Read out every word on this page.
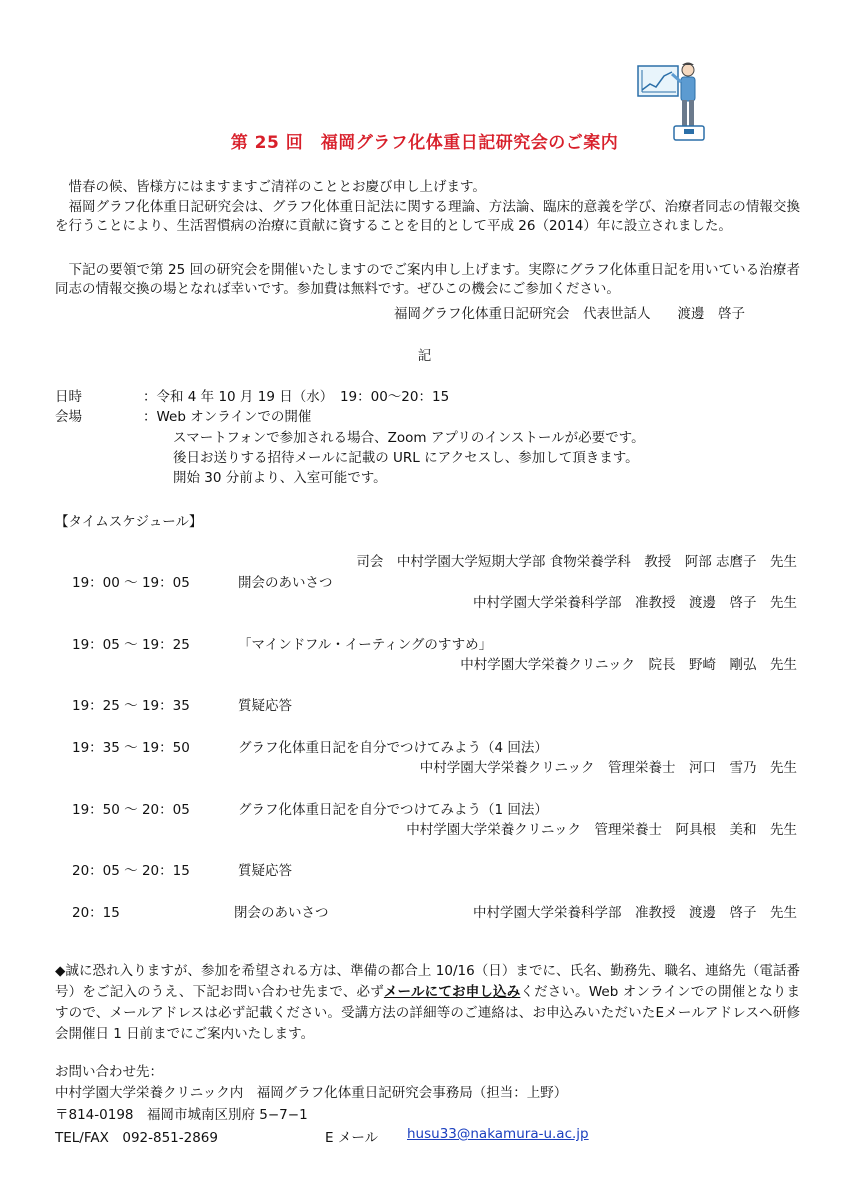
第 25 回　福岡グラフ化体重日記研究会のご案内
惜春の候、皆様方にはますますご清祥のこととお慶び申し上げます。
福岡グラフ化体重日記研究会は、グラフ化体重日記法に関する理論、方法論、臨床的意義を学び、治療者同志の情報交換を行うことにより、生活習慣病の治療に貢献に資することを目的として平成 26（2014）年に設立されました。
下記の要領で第 25 回の研究会を開催いたしますのでご案内申し上げます。実際にグラフ化体重日記を用いている治療者同志の情報交換の場となれば幸いです。参加費は無料です。ぜひこの機会にご参加ください。
福岡グラフ化体重日記研究会　代表世話人　　渡邊　啓子
記
日時	：令和 4 年 10 月 19 日（水）　19：00〜20：15
会場	：Web オンラインでの開催
スマートフォンで参加される場合、Zoom アプリのインストールが必要です。
後日お送りする招待メールに記載の URL にアクセスし、参加して頂きます。
開始 30 分前より、入室可能です。
【タイムスケジュール】
司会　中村学園大学短期大学部 食物栄養学科　教授　阿部 志麿子　先生
19：00 〜 19：05	開会のあいさつ
中村学園大学栄養科学部　准教授　渡邊　啓子　先生
19：05 〜 19：25	「マインドフル・イーティングのすすめ」
中村学園大学栄養クリニック　院長　野崎　剛弘　先生
19：25 〜 19：35	質疑応答
19：35 〜 19：50	グラフ化体重日記を自分でつけてみよう（4 回法）
中村学園大学栄養クリニック　管理栄養士　河口　雪乃　先生
19：50 〜 20：05	グラフ化体重日記を自分でつけてみよう（1 回法）
中村学園大学栄養クリニック　管理栄養士　阿具根　美和　先生
20：05 〜 20：15	質疑応答
20：15	閉会のあいさつ	中村学園大学栄養科学部　准教授　渡邊　啓子　先生
◆誠に恐れ入りますが、参加を希望される方は、準備の都合上 10/16（日）までに、氏名、勤務先、職名、連絡先（電話番号）をご記入のうえ、下記お問い合わせ先まで、必ずメールにてお申し込みください。Web オンラインでの開催となりますので、メールアドレスは必ず記載ください。受講方法の詳細等のご連絡は、お申込みいただいたEメールアドレスへ研修会開催日 1 日前までにご案内いたします。
お問い合わせ先：
中村学園大学栄養クリニック内　福岡グラフ化体重日記研究会事務局（担当：上野）
〒814-0198　福岡市城南区別府 5−7−1
TEL/FAX　092-851-2869	E メール husu33@nakamura-u.ac.jp
